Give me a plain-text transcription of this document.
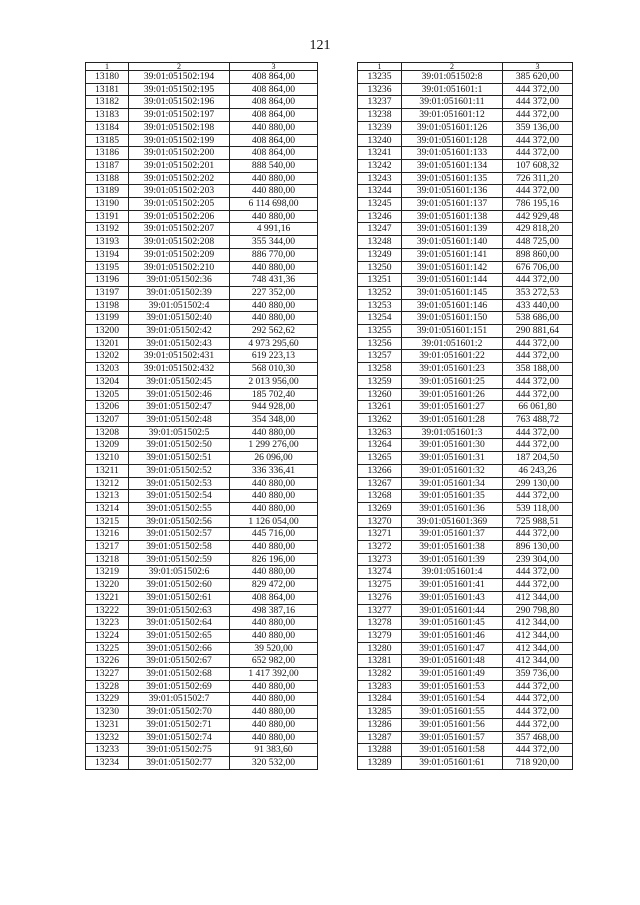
121
1	2	3
13180	39:01:051502:194	408 864,00
13181	39:01:051502:195	408 864,00
13182	39:01:051502:196	408 864,00
13183	39:01:051502:197	408 864,00
13184	39:01:051502:198	440 880,00
13185	39:01:051502:199	408 864,00
13186	39:01:051502:200	408 864,00
13187	39:01:051502:201	888 540,00
13188	39:01:051502:202	440 880,00
13189	39:01:051502:203	440 880,00
13190	39:01:051502:205	6 114 698,00
13191	39:01:051502:206	440 880,00
13192	39:01:051502:207	4 991,16
13193	39:01:051502:208	355 344,00
13194	39:01:051502:209	886 770,00
13195	39:01:051502:210	440 880,00
13196	39:01:051502:36	748 431,36
13197	39:01:051502:39	227 352,00
13198	39:01:051502:4	440 880,00
13199	39:01:051502:40	440 880,00
13200	39:01:051502:42	292 562,62
13201	39:01:051502:43	4 973 295,60
13202	39:01:051502:431	619 223,13
13203	39:01:051502:432	568 010,30
13204	39:01:051502:45	2 013 956,00
13205	39:01:051502:46	185 702,40
13206	39:01:051502:47	944 928,00
13207	39:01:051502:48	354 348,00
13208	39:01:051502:5	440 880,00
13209	39:01:051502:50	1 299 276,00
13210	39:01:051502:51	26 096,00
13211	39:01:051502:52	336 336,41
13212	39:01:051502:53	440 880,00
13213	39:01:051502:54	440 880,00
13214	39:01:051502:55	440 880,00
13215	39:01:051502:56	1 126 054,00
13216	39:01:051502:57	445 716,00
13217	39:01:051502:58	440 880,00
13218	39:01:051502:59	826 196,00
13219	39:01:051502:6	440 880,00
13220	39:01:051502:60	829 472,00
13221	39:01:051502:61	408 864,00
13222	39:01:051502:63	498 387,16
13223	39:01:051502:64	440 880,00
13224	39:01:051502:65	440 880,00
13225	39:01:051502:66	39 520,00
13226	39:01:051502:67	652 982,00
13227	39:01:051502:68	1 417 392,00
13228	39:01:051502:69	440 880,00
13229	39:01:051502:7	440 880,00
13230	39:01:051502:70	440 880,00
13231	39:01:051502:71	440 880,00
13232	39:01:051502:74	440 880,00
13233	39:01:051502:75	91 383,60
13234	39:01:051502:77	320 532,00
1	2	3
13235	39:01:051502:8	385 620,00
13236	39:01:051601:1	444 372,00
13237	39:01:051601:11	444 372,00
13238	39:01:051601:12	444 372,00
13239	39:01:051601:126	359 136,00
13240	39:01:051601:128	444 372,00
13241	39:01:051601:133	444 372,00
13242	39:01:051601:134	107 608,32
13243	39:01:051601:135	726 311,20
13244	39:01:051601:136	444 372,00
13245	39:01:051601:137	786 195,16
13246	39:01:051601:138	442 929,48
13247	39:01:051601:139	429 818,20
13248	39:01:051601:140	448 725,00
13249	39:01:051601:141	898 860,00
13250	39:01:051601:142	676 706,00
13251	39:01:051601:144	444 372,00
13252	39:01:051601:145	353 272,53
13253	39:01:051601:146	433 440,00
13254	39:01:051601:150	538 686,00
13255	39:01:051601:151	290 881,64
13256	39:01:051601:2	444 372,00
13257	39:01:051601:22	444 372,00
13258	39:01:051601:23	358 188,00
13259	39:01:051601:25	444 372,00
13260	39:01:051601:26	444 372,00
13261	39:01:051601:27	66 061,80
13262	39:01:051601:28	763 488,72
13263	39:01:051601:3	444 372,00
13264	39:01:051601:30	444 372,00
13265	39:01:051601:31	187 204,50
13266	39:01:051601:32	46 243,26
13267	39:01:051601:34	299 130,00
13268	39:01:051601:35	444 372,00
13269	39:01:051601:36	539 118,00
13270	39:01:051601:369	725 988,51
13271	39:01:051601:37	444 372,00
13272	39:01:051601:38	896 130,00
13273	39:01:051601:39	239 304,00
13274	39:01:051601:4	444 372,00
13275	39:01:051601:41	444 372,00
13276	39:01:051601:43	412 344,00
13277	39:01:051601:44	290 798,80
13278	39:01:051601:45	412 344,00
13279	39:01:051601:46	412 344,00
13280	39:01:051601:47	412 344,00
13281	39:01:051601:48	412 344,00
13282	39:01:051601:49	359 736,00
13283	39:01:051601:53	444 372,00
13284	39:01:051601:54	444 372,00
13285	39:01:051601:55	444 372,00
13286	39:01:051601:56	444 372,00
13287	39:01:051601:57	357 468,00
13288	39:01:051601:58	444 372,00
13289	39:01:051601:61	718 920,00
